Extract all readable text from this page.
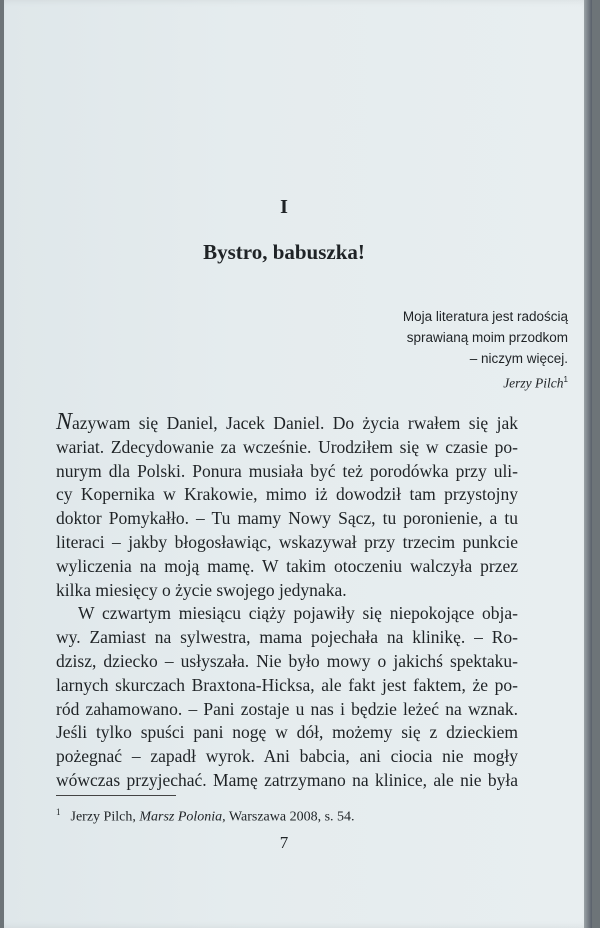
I
Bystro, babuszka!
Moja literatura jest radością
sprawianą moim przodkom
– niczym więcej.
Jerzy Pilch$^1$
Nazywam się Daniel, Jacek Daniel. Do życia rwałem się jak
wariat. Zdecydowanie za wcześnie. Urodziłem się w czasie po-
nurym dla Polski. Ponura musiała być też porodówka przy uli-
cy Kopernika w Krakowie, mimo iż dowodził tam przystojny
doktor Pomykałło. – Tu mamy Nowy Sącz, tu poronienie, a tu
literaci – jakby błogosławiąc, wskazywał przy trzecim punkcie
wyliczenia na moją mamę. W takim otoczeniu walczyła przez
kilka miesięcy o życie swojego jedynaka.
W czwartym miesiącu ciąży pojawiły się niepokojące obja-
wy. Zamiast na sylwestra, mama pojechała na klinikę. – Ro-
dzisz, dziecko – usłyszała. Nie było mowy o jakichś spektaku-
larnych skurczach Braxtona-Hicksa, ale fakt jest faktem, że po-
ród zahamowano. – Pani zostaje u nas i będzie leżeć na wznak.
Jeśli tylko spuści pani nogę w dół, możemy się z dzieckiem
pożegnać – zapadł wyrok. Ani babcia, ani ciocia nie mogły
wówczas przyjechać. Mamę zatrzymano na klinice, ale nie była
$^1$ Jerzy Pilch, Marsz Polonia, Warszawa 2008, s. 54.
7
